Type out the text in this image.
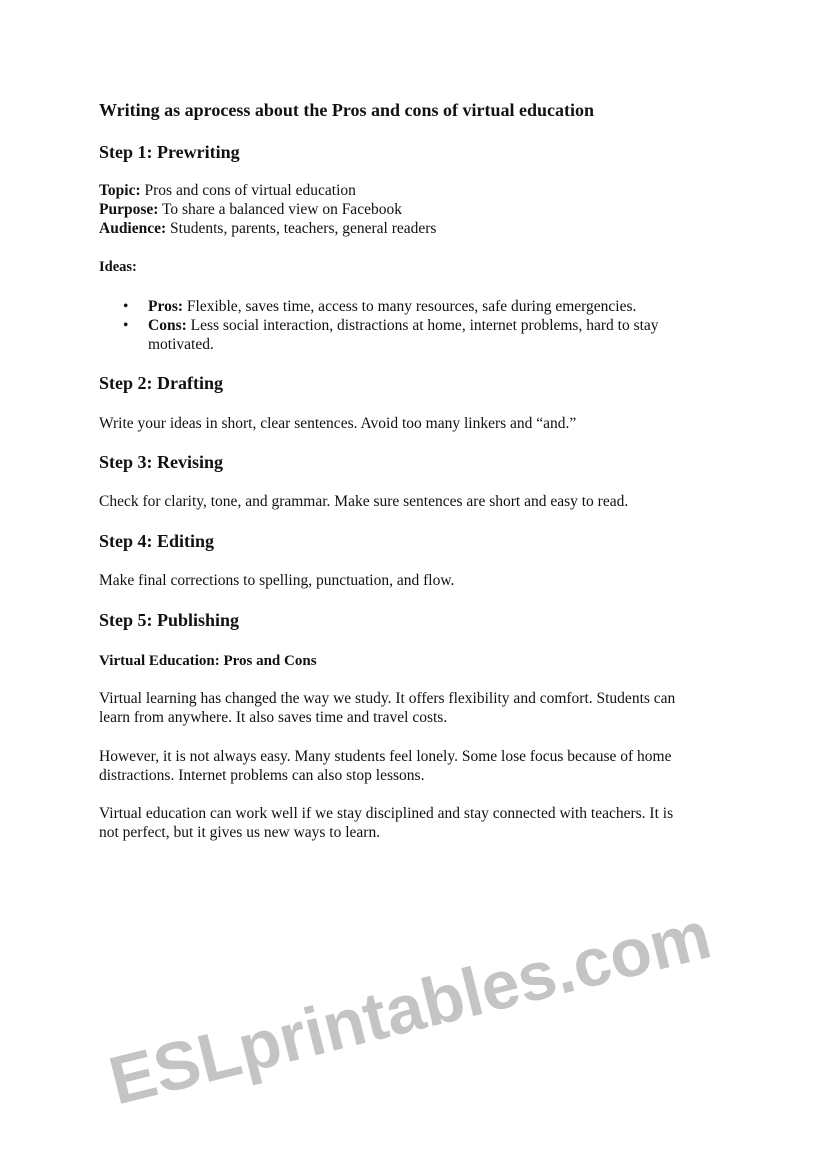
Writing as aprocess about the Pros and cons of virtual education
Step 1: Prewriting
Topic: Pros and cons of virtual education
Purpose: To share a balanced view on Facebook
Audience: Students, parents, teachers, general readers
Ideas:
• Pros: Flexible, saves time, access to many resources, safe during emergencies.
• Cons: Less social interaction, distractions at home, internet problems, hard to stay
motivated.
Step 2: Drafting
Write your ideas in short, clear sentences. Avoid too many linkers and “and.”
Step 3: Revising
Check for clarity, tone, and grammar. Make sure sentences are short and easy to read.
Step 4: Editing
Make final corrections to spelling, punctuation, and flow.
Step 5: Publishing
Virtual Education: Pros and Cons
Virtual learning has changed the way we study. It offers flexibility and comfort. Students can
learn from anywhere. It also saves time and travel costs.
However, it is not always easy. Many students feel lonely. Some lose focus because of home
distractions. Internet problems can also stop lessons.
Virtual education can work well if we stay disciplined and stay connected with teachers. It is
not perfect, but it gives us new ways to learn.
ESLprintables.com
